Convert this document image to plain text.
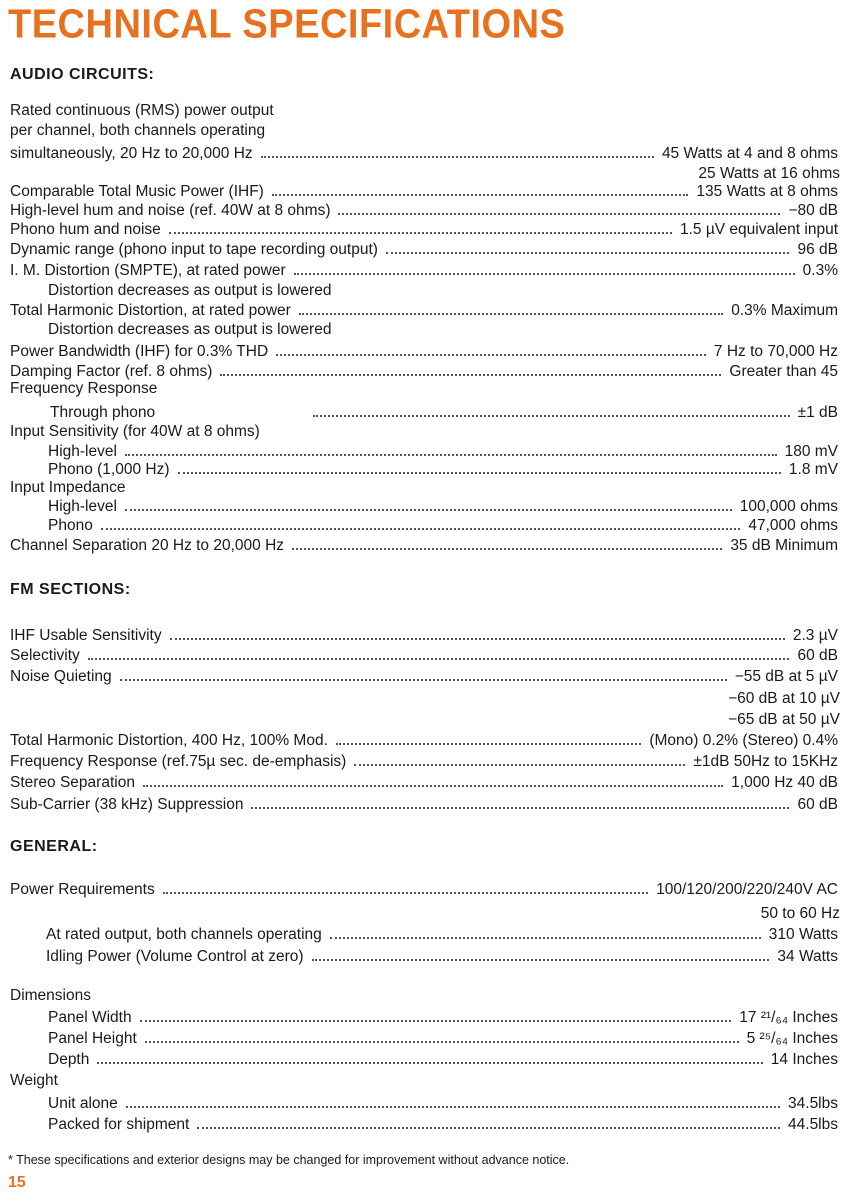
TECHNICAL SPECIFICATIONS
AUDIO CIRCUITS:
Rated continuous (RMS) power output
per channel, both channels operating
simultaneously, 20 Hz to 20,000 Hz	45 Watts at 4 and 8 ohms
25 Watts at 16 ohms
Comparable Total Music Power (IHF)	135 Watts at 8 ohms
High-level hum and noise (ref. 40W at 8 ohms)	−80 dB
Phono hum and noise	1.5 µV equivalent input
Dynamic range (phono input to tape recording output)	96 dB
I. M. Distortion (SMPTE), at rated power	0.3%
Distortion decreases as output is lowered
Total Harmonic Distortion, at rated power	0.3% Maximum
Distortion decreases as output is lowered
Power Bandwidth (IHF) for 0.3% THD	7 Hz to 70,000 Hz
Damping Factor (ref. 8 ohms)	Greater than 45
Frequency Response
Through phono	±1 dB
Input Sensitivity (for 40W at 8 ohms)
High-level	180 mV
Phono (1,000 Hz)	1.8 mV
Input Impedance
High-level	100,000 ohms
Phono	47,000 ohms
Channel Separation 20 Hz to 20,000 Hz	35 dB Minimum
FM SECTIONS:
IHF Usable Sensitivity	2.3 µV
Selectivity	60 dB
Noise Quieting	−55 dB at 5 µV
−60 dB at 10 µV
−65 dB at 50 µV
Total Harmonic Distortion, 400 Hz, 100% Mod.	(Mono) 0.2% (Stereo) 0.4%
Frequency Response (ref.75µ sec. de-emphasis)	±1dB 50Hz to 15KHz
Stereo Separation	1,000 Hz 40 dB
Sub-Carrier (38 kHz) Suppression	60 dB
GENERAL:
Power Requirements	100/120/200/220/240V AC
50 to 60 Hz
At rated output, both channels operating	310 Watts
Idling Power (Volume Control at zero)	34 Watts
Dimensions
Panel Width	17 ²¹/₆₄ Inches
Panel Height	5 ²⁵/₆₄ Inches
Depth	14 Inches
Weight
Unit alone	34.5lbs
Packed for shipment	44.5lbs
* These specifications and exterior designs may be changed for improvement without advance notice.
15
